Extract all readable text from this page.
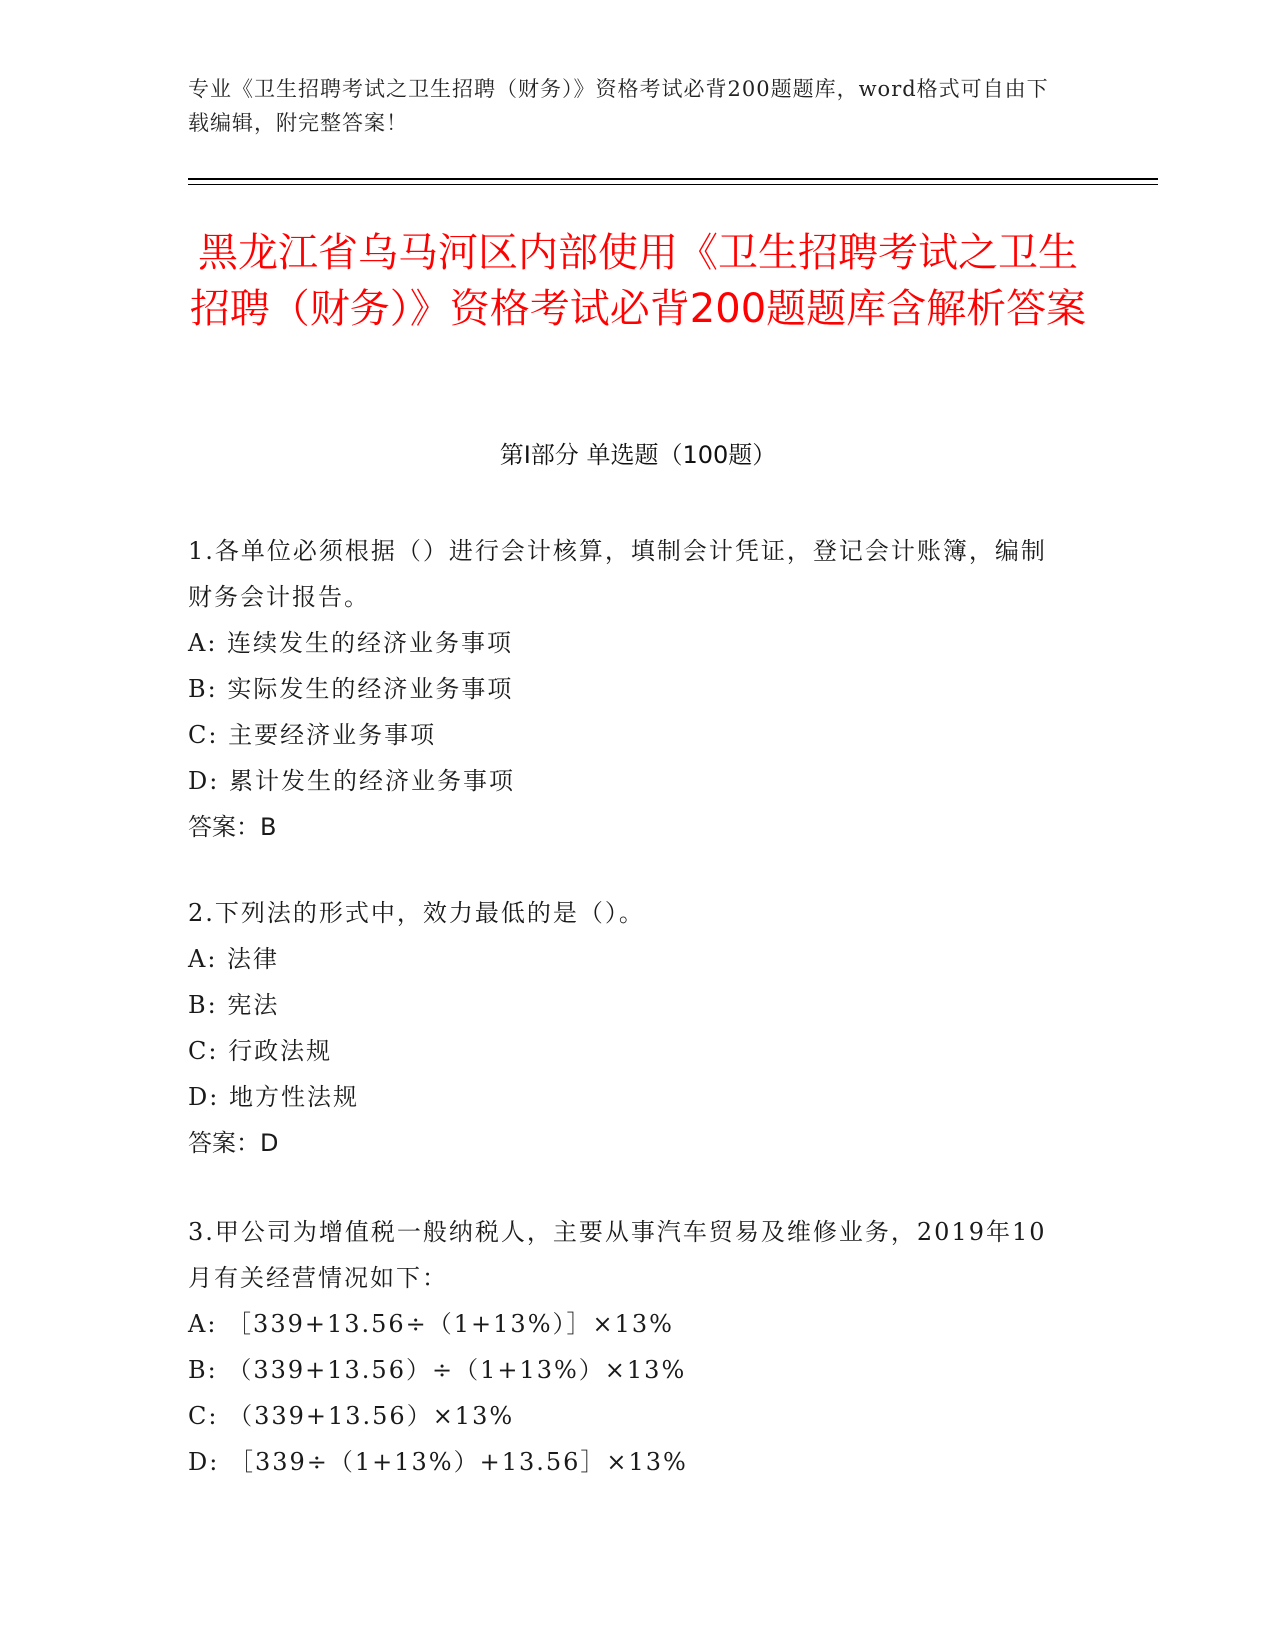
专业《卫生招聘考试之卫生招聘（财务）》资格考试必背200题题库，word格式可自由下载编辑，附完整答案！
黑龙江省乌马河区内部使用《卫生招聘考试之卫生招聘（财务）》资格考试必背200题题库含解析答案
第Ⅰ部分 单选题（100题）

1.各单位必须根据（）进行会计核算，填制会计凭证，登记会计账簿，编制财务会计报告。

A: 连续发生的经济业务事项

B: 实际发生的经济业务事项

C: 主要经济业务事项

D: 累计发生的经济业务事项

答案：B

2.下列法的形式中，效力最低的是（）。

A: 法律

B: 宪法

C: 行政法规

D: 地方性法规

答案：D

3.甲公司为增值税一般纳税人，主要从事汽车贸易及维修业务，2019年10月有关经营情况如下：

A: ［339+13.56÷（1+13%）］×13%

B: （339+13.56）÷（1+13%）×13%

C: （339+13.56）×13%

D: ［339÷（1+13%）+13.56］×13%
